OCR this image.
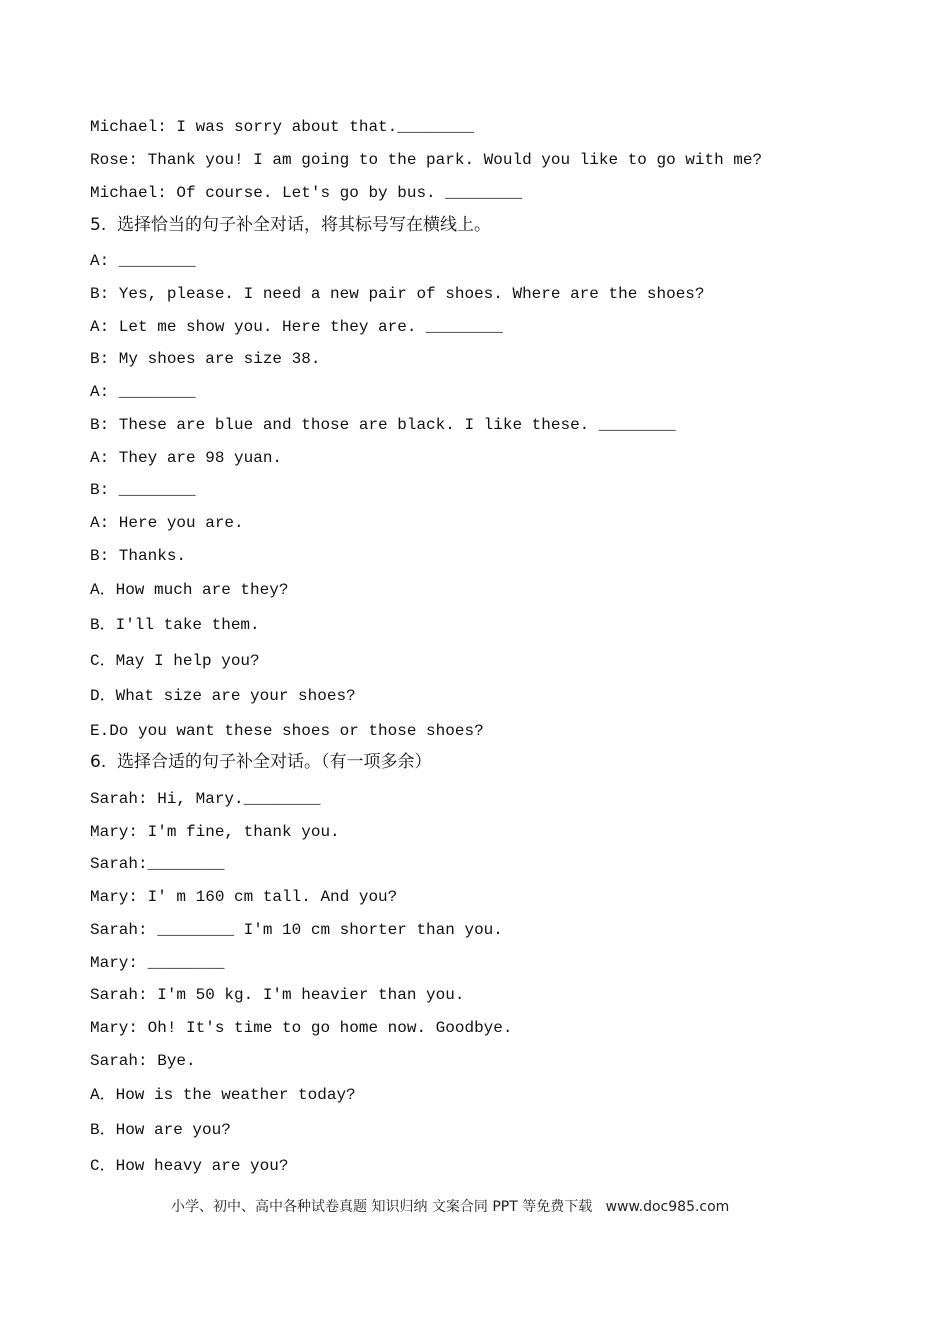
Michael: I was sorry about that.________
Rose: Thank you! I am going to the park. Would you like to go with me?
Michael: Of course. Let's go by bus. ________
5.  选择恰当的句子补全对话，将其标号写在横线上。
A: ________
B: Yes, please. I need a new pair of shoes. Where are the shoes?
A: Let me show you. Here they are. ________
B: My shoes are size 38.
A: ________
B: These are blue and those are black. I like these. ________
A: They are 98 yuan.
B: ________
A: Here you are.
B: Thanks.
A．How much are they?
B．I'll take them.
C．May I help you?
D．What size are your shoes?
E.Do you want these shoes or those shoes?
6.  选择合适的句子补全对话。（有一项多余）
Sarah: Hi, Mary.________
Mary: I'm fine, thank you.
Sarah:________
Mary: I' m 160 cm tall. And you?
Sarah: ________ I'm 10 cm shorter than you.
Mary: ________
Sarah: I'm 50 kg. I'm heavier than you.
Mary: Oh! It's time to go home now. Goodbye.
Sarah: Bye.
A．How is the weather today?
B．How are you?
C．How heavy are you?
小学、初中、高中各种试卷真题 知识归纳 文案合同 PPT 等免费下载   www.doc985.com
